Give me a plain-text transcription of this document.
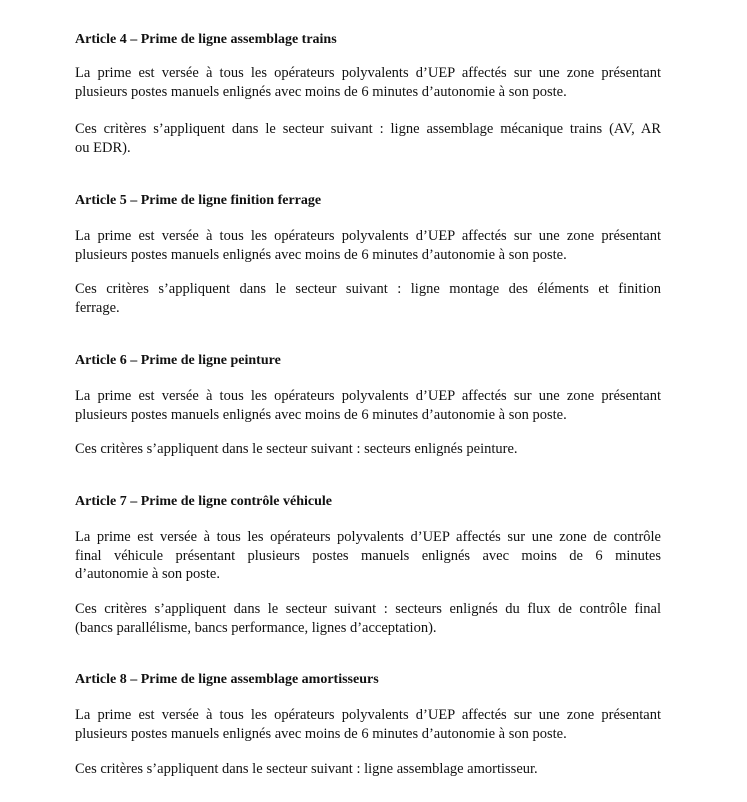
Article 4 – Prime de ligne assemblage trains
La prime est versée à tous les opérateurs polyvalents d’UEP affectés sur une zone présentant
plusieurs postes manuels enlignés avec moins de 6 minutes d’autonomie à son poste.
Ces critères s’appliquent dans le secteur suivant : ligne assemblage mécanique trains (AV, AR
ou EDR).
Article 5 – Prime de ligne finition ferrage
La prime est versée à tous les opérateurs polyvalents d’UEP affectés sur une zone présentant
plusieurs postes manuels enlignés avec moins de 6 minutes d’autonomie à son poste.
Ces critères s’appliquent dans le secteur suivant : ligne montage des éléments et finition
ferrage.
Article 6 – Prime de ligne peinture
La prime est versée à tous les opérateurs polyvalents d’UEP affectés sur une zone présentant
plusieurs postes manuels enlignés avec moins de 6 minutes d’autonomie à son poste.
Ces critères s’appliquent dans le secteur suivant : secteurs enlignés peinture.
Article 7 – Prime de ligne contrôle véhicule
La prime est versée à tous les opérateurs polyvalents d’UEP affectés sur une zone de contrôle
final véhicule présentant plusieurs postes manuels enlignés avec moins de 6 minutes
d’autonomie à son poste.
Ces critères s’appliquent dans le secteur suivant : secteurs enlignés du flux de contrôle final
(bancs parallélisme, bancs performance, lignes d’acceptation).
Article 8 – Prime de ligne assemblage amortisseurs
La prime est versée à tous les opérateurs polyvalents d’UEP affectés sur une zone présentant
plusieurs postes manuels enlignés avec moins de 6 minutes d’autonomie à son poste.
Ces critères s’appliquent dans le secteur suivant : ligne assemblage amortisseur.
